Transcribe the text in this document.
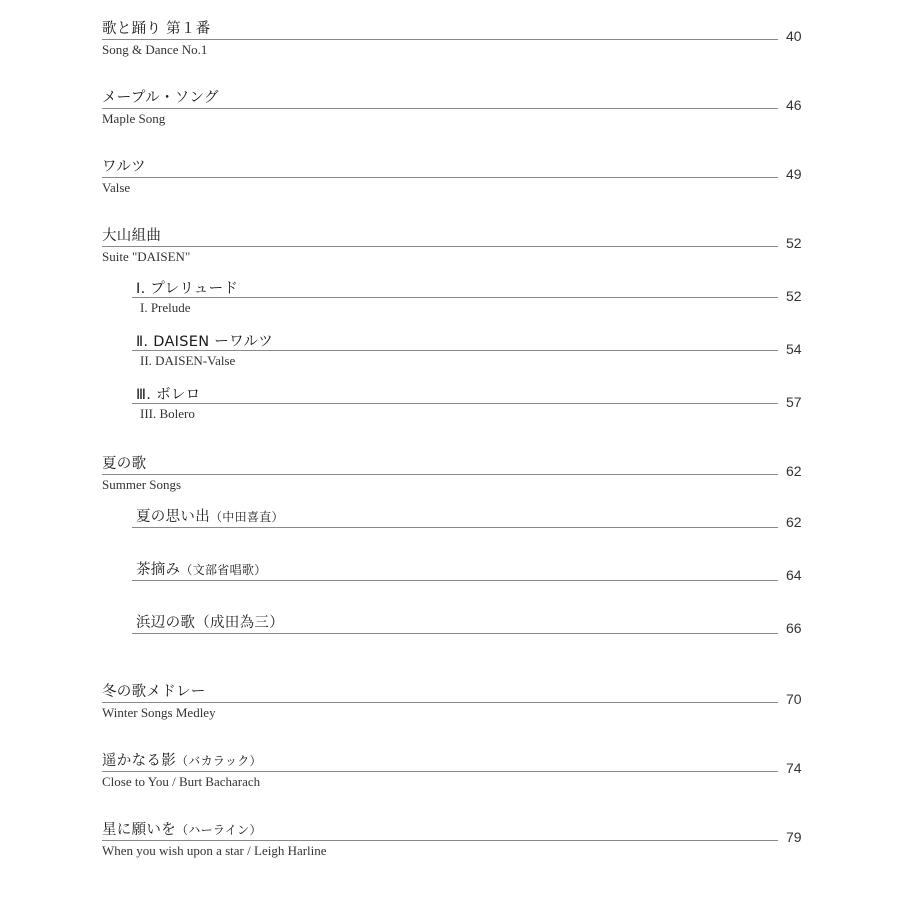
歌と踊り 第１番
Song & Dance No.1
40
メープル・ソング
Maple Song
46
ワルツ
Valse
49
大山組曲
Suite "DAISEN"
52
Ⅰ. プレリュード
I. Prelude
52
Ⅱ. DAISEN ーワルツ
II. DAISEN-Valse
54
Ⅲ. ボレロ
III. Bolero
57
夏の歌
Summer Songs
62
夏の思い出（中田喜直）	62
茶摘み（文部省唱歌）	64
浜辺の歌（成田為三）	66
冬の歌メドレー
Winter Songs Medley
70
遥かなる影（バカラック）
Close to You / Burt Bacharach
74
星に願いを（ハーライン）
When you wish upon a star / Leigh Harline
79
